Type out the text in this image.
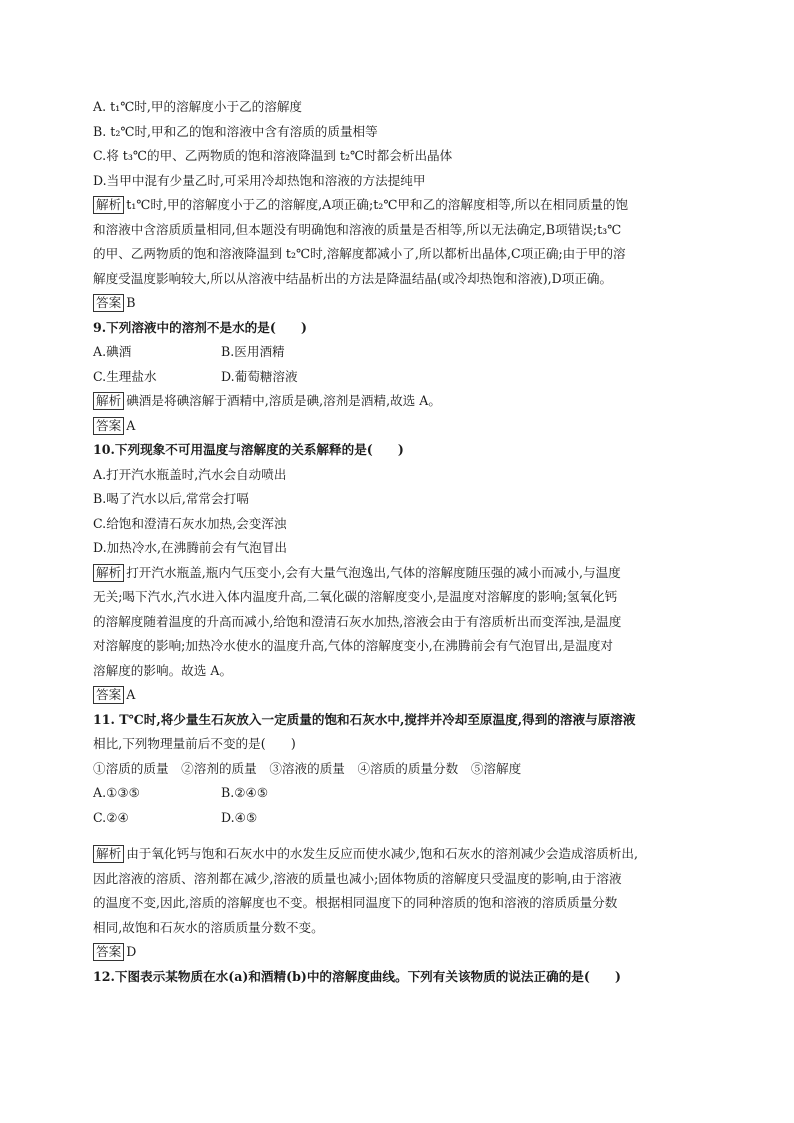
A. t₁℃时,甲的溶解度小于乙的溶解度
B. t₂℃时,甲和乙的饱和溶液中含有溶质的质量相等
C.将 t₃℃的甲、乙两物质的饱和溶液降温到 t₂℃时都会析出晶体
D.当甲中混有少量乙时,可采用冷却热饱和溶液的方法提纯甲
解析 t₁℃时,甲的溶解度小于乙的溶解度,A项正确;t₂℃甲和乙的溶解度相等,所以在相同质量的饱
和溶液中含溶质质量相同,但本题没有明确饱和溶液的质量是否相等,所以无法确定,B项错误;t₃℃
的甲、乙两物质的饱和溶液降温到 t₂℃时,溶解度都减小了,所以都析出晶体,C项正确;由于甲的溶
解度受温度影响较大,所以从溶液中结晶析出的方法是降温结晶(或冷却热饱和溶液),D项正确。
答案 B
9.下列溶液中的溶剂不是水的是(　　)
A.碘酒	B.医用酒精
C.生理盐水	D.葡萄糖溶液
解析 碘酒是将碘溶解于酒精中,溶质是碘,溶剂是酒精,故选 A。
答案 A
10.下列现象不可用温度与溶解度的关系解释的是(　　)
A.打开汽水瓶盖时,汽水会自动喷出
B.喝了汽水以后,常常会打嗝
C.给饱和澄清石灰水加热,会变浑浊
D.加热冷水,在沸腾前会有气泡冒出
解析 打开汽水瓶盖,瓶内气压变小,会有大量气泡逸出,气体的溶解度随压强的减小而减小,与温度
无关;喝下汽水,汽水进入体内温度升高,二氧化碳的溶解度变小,是温度对溶解度的影响;氢氧化钙
的溶解度随着温度的升高而减小,给饱和澄清石灰水加热,溶液会由于有溶质析出而变浑浊,是温度
对溶解度的影响;加热冷水使水的温度升高,气体的溶解度变小,在沸腾前会有气泡冒出,是温度对
溶解度的影响。故选 A。
答案 A
11. T℃时,将少量生石灰放入一定质量的饱和石灰水中,搅拌并冷却至原温度,得到的溶液与原溶液
相比,下列物理量前后不变的是(　　)
①溶质的质量　②溶剂的质量　③溶液的质量　④溶质的质量分数　⑤溶解度
A.①③⑤	B.②④⑤
C.②④	D.④⑤
解析 由于氧化钙与饱和石灰水中的水发生反应而使水减少,饱和石灰水的溶剂减少会造成溶质析出,
因此溶液的溶质、溶剂都在减少,溶液的质量也减小;固体物质的溶解度只受温度的影响,由于溶液
的温度不变,因此,溶质的溶解度也不变。根据相同温度下的同种溶质的饱和溶液的溶质质量分数
相同,故饱和石灰水的溶质质量分数不变。
答案 D
12.下图表示某物质在水(a)和酒精(b)中的溶解度曲线。下列有关该物质的说法正确的是(　　)
